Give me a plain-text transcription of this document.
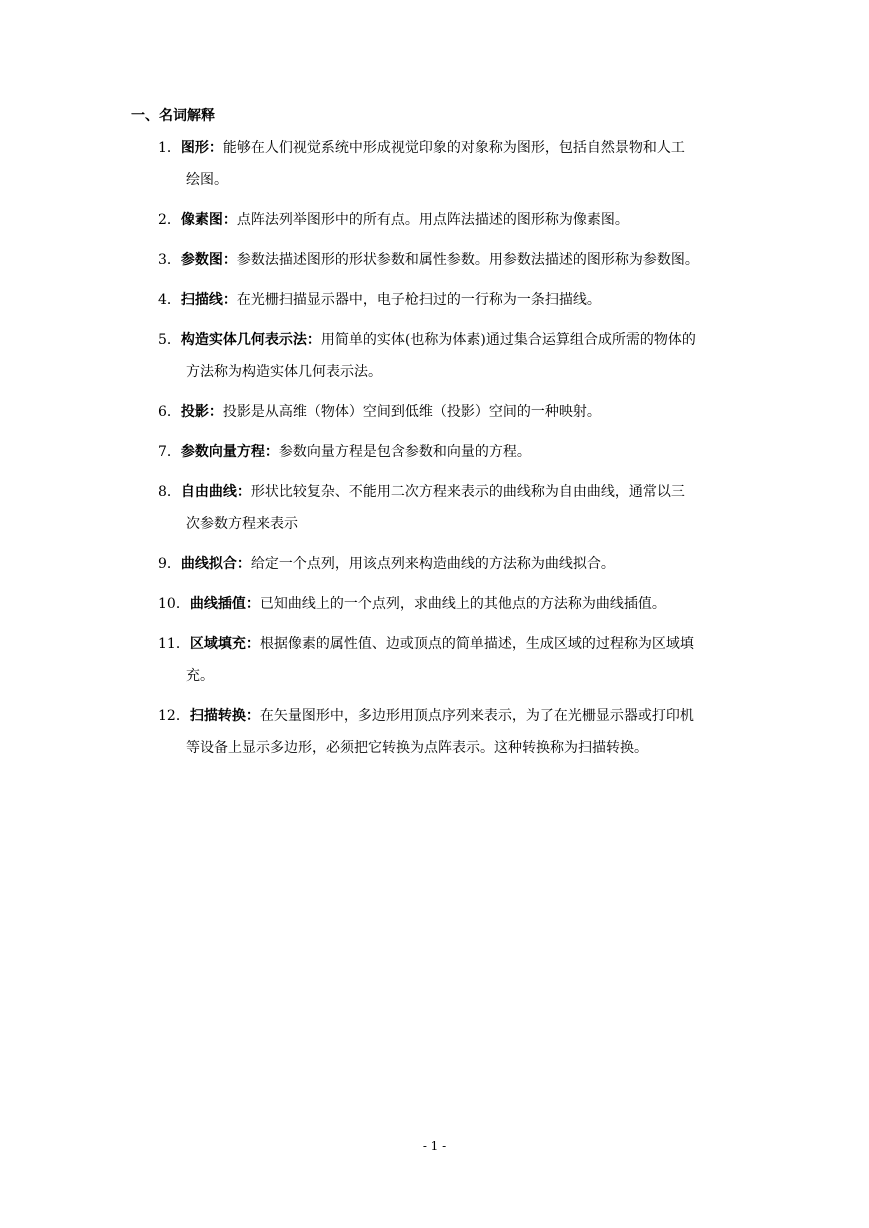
一、名词解释
1．图形：能够在人们视觉系统中形成视觉印象的对象称为图形，包括自然景物和人工
绘图。
2．像素图：点阵法列举图形中的所有点。用点阵法描述的图形称为像素图。
3．参数图：参数法描述图形的形状参数和属性参数。用参数法描述的图形称为参数图。
4．扫描线：在光栅扫描显示器中，电子枪扫过的一行称为一条扫描线。
5．构造实体几何表示法：用简单的实体(也称为体素)通过集合运算组合成所需的物体的
方法称为构造实体几何表示法。
6．投影：投影是从高维（物体）空间到低维（投影）空间的一种映射。
7．参数向量方程：参数向量方程是包含参数和向量的方程。
8．自由曲线：形状比较复杂、不能用二次方程来表示的曲线称为自由曲线，通常以三
次参数方程来表示
9．曲线拟合：给定一个点列，用该点列来构造曲线的方法称为曲线拟合。
10．曲线插值：已知曲线上的一个点列，求曲线上的其他点的方法称为曲线插值。
11．区域填充：根据像素的属性值、边或顶点的简单描述，生成区域的过程称为区域填
充。
12．扫描转换：在矢量图形中，多边形用顶点序列来表示，为了在光栅显示器或打印机
等设备上显示多边形，必须把它转换为点阵表示。这种转换称为扫描转换。
- 1 -
